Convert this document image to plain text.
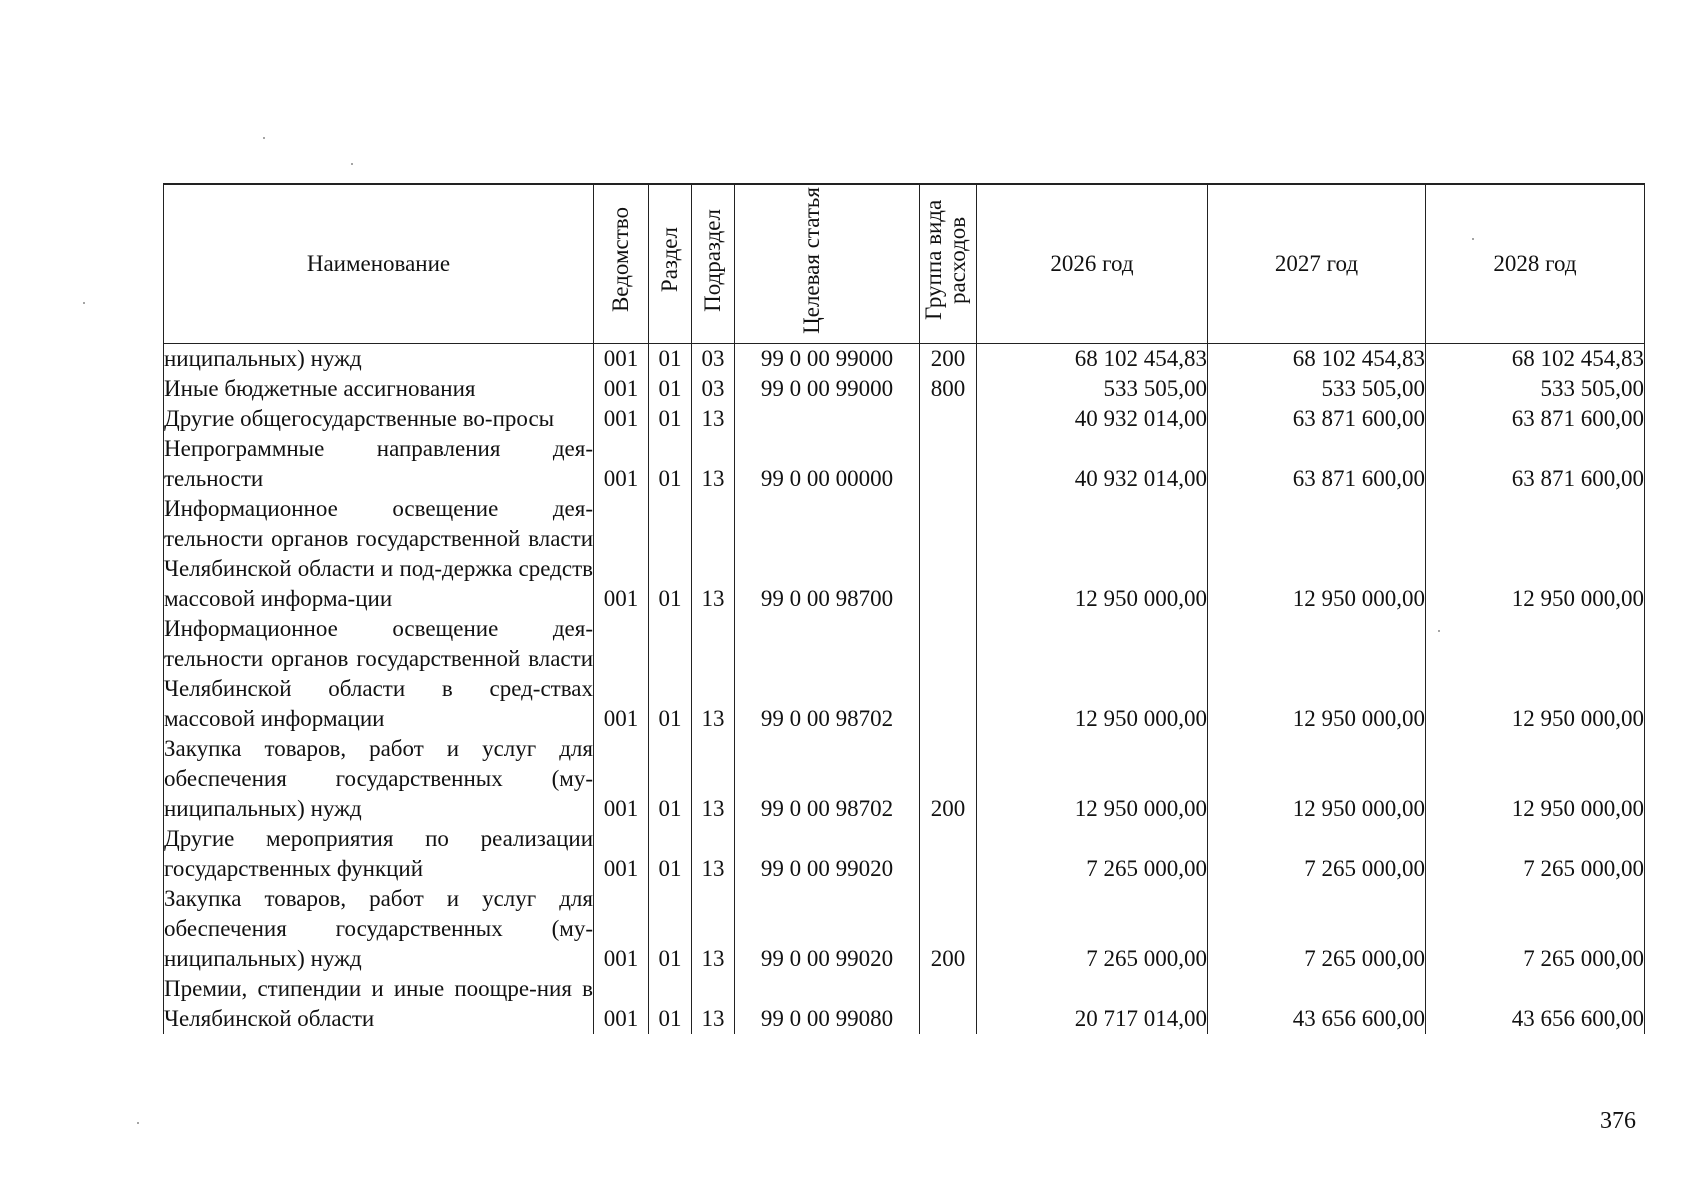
Наименование	Ведомство	Раздел	Подраздел	Целевая статья	Группа вида расходов	2026 год	2027 год	2028 год
ниципальных) нужд	001	01	03	99 0 00 99000	200	68 102 454,83	68 102 454,83	68 102 454,83
Иные бюджетные ассигнования	001	01	03	99 0 00 99000	800	533 505,00	533 505,00	533 505,00
Другие общегосударственные во-просы	001	01	13			40 932 014,00	63 871 600,00	63 871 600,00
Непрограммные направления дея-тельности	001	01	13	99 0 00 00000		40 932 014,00	63 871 600,00	63 871 600,00
Информационное освещение дея-тельности органов государственной власти Челябинской области и под-держка средств массовой информа-ции	001	01	13	99 0 00 98700		12 950 000,00	12 950 000,00	12 950 000,00
Информационное освещение дея-тельности органов государственной власти Челябинской области в сред-ствах массовой информации	001	01	13	99 0 00 98702		12 950 000,00	12 950 000,00	12 950 000,00
Закупка товаров, работ и услуг для обеспечения государственных (му-ниципальных) нужд	001	01	13	99 0 00 98702	200	12 950 000,00	12 950 000,00	12 950 000,00
Другие мероприятия по реализации государственных функций	001	01	13	99 0 00 99020		7 265 000,00	7 265 000,00	7 265 000,00
Закупка товаров, работ и услуг для обеспечения государственных (му-ниципальных) нужд	001	01	13	99 0 00 99020	200	7 265 000,00	7 265 000,00	7 265 000,00
Премии, стипендии и иные поощре-ния в Челябинской области	001	01	13	99 0 00 99080		20 717 014,00	43 656 600,00	43 656 600,00
376
